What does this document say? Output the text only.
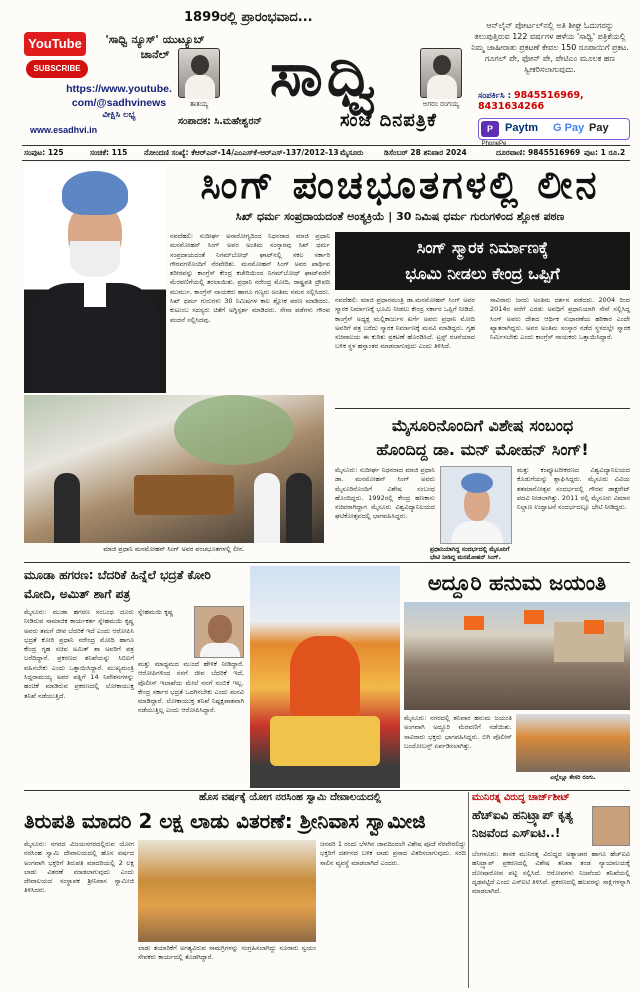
YouTube
SUBSCRIBE
'ಸಾಧ್ವಿ ನ್ಯೂಸ್' ಯುಟ್ಯೂಬ್ ಚಾನೆಲ್
https://www.youtube.
com/@sadhvinews
ವೀಕ್ಷಿಸಿ ಲಭ್ಯ
www.esadhvi.in
1899ರಲ್ಲಿ ಪ್ರಾರಂಭವಾದ...
ತಾತಯ್ಯ	ಸಾಧ್ವಿ	ಅಗರಂ ರಂಗಯ್ಯ
ಸಂಪಾದಕ: ಸಿ.ಮಹೇಶ್ವರನ್	ಸಂಜೆ ದಿನಪತ್ರಿಕೆ
ಆನ್‌ಲೈನ್ ಪೋರ್ಟಲ್‌ನಲ್ಲಿ ಅತಿ ಶೀಘ್ರ ಓದುಗರನ್ನು ತಲುಪುತ್ತಿರುವ 122 ವರ್ಷಗಳ ಹಳೆಯ 'ಸಾಧ್ವಿ' ಪತ್ರಿಕೆಯಲ್ಲಿ ನಿಮ್ಮ ಜಾಹೀರಾತು ಪ್ರಕಟಣೆ ಕೇವಲ 150 ರೂಪಾಯಿಗೆ ಪ್ರಕಟ. ಗೂಗಲ್ ಪೇ, ಫೋನ್ ಪೇ, ಪೇಟಿಎಂ ಮೂಲಕ ಹಣ ಸ್ವೀಕರಿಸಲಾಗುವುದು.
ಸಂಪರ್ಕಿಸಿ : 9845516969,
8431634266
P	Paytm G Pay Pay
PhonePe
ಸಂಪುಟ: 125	ಸಂಚಿಕೆ: 115 ನೋಂದಣಿ ಸಂಖ್ಯೆ: ಕೆಆರ್‌ಎನ್-14/ಎಂಎಸ್‌ಕೆ-ಆರ್‌ಎಸ್-137/2012-13 ಮೈಸೂರು	ಡಿಸೆಂಬರ್ 28 ಶನಿವಾರ 2024	ದೂರವಾಣಿ: 9845516969 ಪುಟ: 1 ರೂ.2
ಸಿಂಗ್ ಪಂಚಭೂತಗಳಲ್ಲಿ ಲೀನ
ಸಿಖ್ ಧರ್ಮ ಸಂಪ್ರದಾಯದಂತೆ ಅಂತ್ಯಕ್ರಿಯೆ | 30 ನಿಮಿಷ ಧರ್ಮ ಗುರುಗಳಿಂದ ಶ್ಲೋಕ ಪಠಣ
ನವದೆಹಲಿ: ಸುದೀರ್ಘ ಅನಾರೋಗ್ಯದಿಂದ ನಿಧನರಾದ ಮಾಜಿ ಪ್ರಧಾನಿ ಮನಮೋಹನ್ ಸಿಂಗ್ ಅವರ ಅಂತಿಮ ಸಂಸ್ಕಾರವು ಸಿಖ್ ಧರ್ಮ ಸಂಪ್ರದಾಯದಂತೆ ನಿಗಮ್‌ಬೋಧ್ ಘಾಟ್‌ನಲ್ಲಿ ಸಕಲ ಸರ್ಕಾರಿ ಗೌರವಗಳೊಂದಿಗೆ ನೆರವೇರಿತು. ಮನಮೋಹನ್ ಸಿಂಗ್ ಅವರ ಪಾರ್ಥಿವ ಶರೀರವನ್ನು ಕಾಂಗ್ರೆಸ್ ಕೇಂದ್ರ ಕಚೇರಿಯಿಂದ ನಿಗಮ್‌ಬೋಧ್ ಘಾಟ್‌ವರೆಗೆ ಮೆರವಣಿಗೆಯಲ್ಲಿ ತರಲಾಯಿತು. ಪ್ರಧಾನಿ ನರೇಂದ್ರ ಮೋದಿ, ರಾಷ್ಟ್ರಪತಿ ದ್ರೌಪದಿ ಮುರ್ಮು, ಕಾಂಗ್ರೆಸ್ ನಾಯಕರು ಹಾಗೂ ಗಣ್ಯರು ಅಂತಿಮ ನಮನ ಸಲ್ಲಿಸಿದರು. ಸಿಖ್ ಧರ್ಮ ಗುರುಗಳು 30 ನಿಮಿಷಗಳ ಕಾಲ ಶ್ಲೋಕ ಪಠಣ ಮಾಡಿದರು. ಕುಟುಂಬ ಸದಸ್ಯರು ಚಿತೆಗೆ ಅಗ್ನಿಸ್ಪರ್ಶ ಮಾಡಿದರು. ಸೇನಾ ಪಡೆಗಳು ಗೌರವ ವಂದನೆ ಸಲ್ಲಿಸಿದವು.
ಸಿಂಗ್ ಸ್ಮಾರಕ ನಿರ್ಮಾಣಕ್ಕೆ
ಭೂಮಿ ನೀಡಲು ಕೇಂದ್ರ ಒಪ್ಪಿಗೆ
ನವದೆಹಲಿ: ಮಾಜಿ ಪ್ರಧಾನಮಂತ್ರಿ ಡಾ.ಮನಮೋಹನ್ ಸಿಂಗ್ ಅವರ ಸ್ಮಾರಕ ನಿರ್ಮಾಣಕ್ಕೆ ಭೂಮಿ ನೀಡಲು ಕೇಂದ್ರ ಸರ್ಕಾರ ಒಪ್ಪಿಗೆ ನೀಡಿದೆ. ಕಾಂಗ್ರೆಸ್ ಅಧ್ಯಕ್ಷ ಮಲ್ಲಿಕಾರ್ಜುನ ಖರ್ಗೆ ಅವರು ಪ್ರಧಾನಿ ಮೋದಿ ಅವರಿಗೆ ಪತ್ರ ಬರೆದು ಸ್ಮಾರಕ ನಿರ್ಮಾಣಕ್ಕೆ ಮನವಿ ಮಾಡಿದ್ದರು. ಗೃಹ ಸಚಿವಾಲಯ ಈ ಕುರಿತು ಪ್ರಕಟಣೆ ಹೊರಡಿಸಿದೆ. ಟ್ರಸ್ಟ್ ರಚನೆಯಾದ ಬಳಿಕ ಸ್ಥಳ ಹಸ್ತಾಂತರ ಮಾಡಲಾಗುವುದು ಎಂದು ತಿಳಿಸಿದೆ.
ಸಾವಿರಾರು ಜನರು ಅಂತಿಮ ದರ್ಶನ ಪಡೆದರು. 2004 ರಿಂದ 2014ರ ವರೆಗೆ ಎರಡು ಅವಧಿಗೆ ಪ್ರಧಾನಿಯಾಗಿ ಸೇವೆ ಸಲ್ಲಿಸಿದ್ದ ಸಿಂಗ್ ಅವರು ದೇಶದ ಆರ್ಥಿಕ ಸುಧಾರಣೆಯ ಹರಿಕಾರ ಎಂದೇ ಖ್ಯಾತರಾಗಿದ್ದರು. ಅವರ ಅಂತಿಮ ಸಂಸ್ಕಾರ ನಡೆದ ಸ್ಥಳದಲ್ಲೇ ಸ್ಮಾರಕ ನಿರ್ಮಿಸಬೇಕು ಎಂದು ಕಾಂಗ್ರೆಸ್ ನಾಯಕರು ಒತ್ತಾಯಿಸಿದ್ದಾರೆ.
ಮಾಜಿ ಪ್ರಧಾನಿ ಮನಮೋಹನ್ ಸಿಂಗ್ ಅವರ ಪಂಚಭೂತಗಳಲ್ಲಿ ಲೀನ.
ಮೈಸೂರಿನೊಂದಿಗೆ ವಿಶೇಷ ಸಂಬಂಧ
ಹೊಂದಿದ್ದ ಡಾ. ಮನ್ ಮೋಹನ್ ಸಿಂಗ್!
ಮೈಸೂರು: ಸುದೀರ್ಘ ನಿಧನರಾದ ಮಾಜಿ ಪ್ರಧಾನಿ ಡಾ. ಮನಮೋಹನ್ ಸಿಂಗ್ ಅವರು ಮೈಸೂರಿನೊಂದಿಗೆ ವಿಶೇಷ ಸಂಬಂಧ ಹೊಂದಿದ್ದರು. 1992ರಲ್ಲಿ ಕೇಂದ್ರ ಹಣಕಾಸು ಸಚಿವರಾಗಿದ್ದಾಗ ಮೈಸೂರು ವಿಶ್ವವಿದ್ಯಾನಿಲಯದ ಘಟಿಕೋತ್ಸವದಲ್ಲಿ ಭಾಗವಹಿಸಿದ್ದರು.
ಪ್ರಧಾನಿಯಾಗಿದ್ದ ಸಂದರ್ಭದಲ್ಲಿ ಮೈಸೂರಿಗೆ ಭೇಟಿ ನೀಡಿದ್ದ ಮನಮೋಹನ್ ಸಿಂಗ್.
ಮತ್ತು ಕಂಪ್ಯೂಟರೀಕರಣದ ವಿಶ್ವವಿದ್ಯಾನಿಲಯದ ಕೊಡುಗೆಯನ್ನು ಶ್ಲಾಘಿಸಿದ್ದರು. ಮೈಸೂರು ವಿವಿಯ ಶತಮಾನೋತ್ಸವ ಸಂದರ್ಭದಲ್ಲಿ ಗೌರವ ಡಾಕ್ಟರೇಟ್ ಪದವಿ ನೀಡಲಾಗಿತ್ತು. 2011 ರಲ್ಲಿ ಮೈಸೂರು ವಿಮಾನ ನಿಲ್ದಾಣ ಉದ್ಘಾಟನೆ ಸಂದರ್ಭದಲ್ಲೂ ಭೇಟಿ ನೀಡಿದ್ದರು.
ಮೂಡಾ ಹಗರಣ: ಬೆದರಿಕೆ ಹಿನ್ನೆಲೆ ಭದ್ರತೆ ಕೋರಿ ಮೋದಿ, ಅಮಿತ್ ಶಾಗೆ ಪತ್ರ
ಮೈಸೂರು: ಮುಡಾ ಹಗರಣ ಸಂಬಂಧ ದೂರು ನೀಡಿರುವ ಸಾಮಾಜಿಕ ಕಾರ್ಯಕರ್ತ ಸ್ನೇಹಮಯಿ ಕೃಷ್ಣ ಅವರು ತಮಗೆ ಜೀವ ಬೆದರಿಕೆ ಇದೆ ಎಂದು ಆರೋಪಿಸಿ ಭದ್ರತೆ ಕೋರಿ ಪ್ರಧಾನಿ ನರೇಂದ್ರ ಮೋದಿ ಹಾಗೂ ಕೇಂದ್ರ ಗೃಹ ಸಚಿವ ಅಮಿತ್ ಶಾ ಅವರಿಗೆ ಪತ್ರ ಬರೆದಿದ್ದಾರೆ. ಪ್ರಕರಣದ ತನಿಖೆಯನ್ನು ಸಿಬಿಐಗೆ ವಹಿಸಬೇಕು ಎಂದು ಒತ್ತಾಯಿಸಿದ್ದಾರೆ. ಮುಖ್ಯಮಂತ್ರಿ ಸಿದ್ದರಾಮಯ್ಯ ಅವರ ಪತ್ನಿಗೆ 14 ನಿವೇಶನಗಳನ್ನು ಹಂಚಿಕೆ ಮಾಡಿರುವ ಪ್ರಕರಣದಲ್ಲಿ ಲೋಕಾಯುಕ್ತ ತನಿಖೆ ನಡೆಯುತ್ತಿದೆ.
ಸ್ನೇಹಮಯಿ ಕೃಷ್ಣ
ಮತ್ತು ಮಾಧ್ಯಮದ ಮುಂದೆ ಹೇಳಿಕೆ ನೀಡಿದ್ದಾರೆ. ಆರೋಪಿಗಳಿಂದ ನನಗೆ ಜೀವ ಬೆದರಿಕೆ ಇದೆ, ಪೊಲೀಸ್ ಇಲಾಖೆಯ ಮೇಲೆ ನನಗೆ ನಂಬಿಕೆ ಇಲ್ಲ. ಕೇಂದ್ರ ಸರ್ಕಾರ ಭದ್ರತೆ ಒದಗಿಸಬೇಕು ಎಂದು ಮನವಿ ಮಾಡಿದ್ದಾರೆ. ಲೋಕಾಯುಕ್ತ ತನಿಖೆ ನಿಷ್ಪಕ್ಷಪಾತವಾಗಿ ನಡೆಯುತ್ತಿಲ್ಲ ಎಂದು ಆರೋಪಿಸಿದ್ದಾರೆ.
ಅದ್ದೂರಿ ಹನುಮ ಜಯಂತಿ
ಮೈಸೂರು: ನಗರದಲ್ಲಿ ಶನಿವಾರ ಹನುಮ ಜಯಂತಿ ಅಂಗವಾಗಿ ಅದ್ದೂರಿ ಮೆರವಣಿಗೆ ನಡೆಯಿತು. ಸಾವಿರಾರು ಭಕ್ತರು ಭಾಗವಹಿಸಿದ್ದರು. ಬಿಗಿ ಪೊಲೀಸ್ ಬಂದೋಬಸ್ತ್ ಏರ್ಪಡಿಸಲಾಗಿತ್ತು.
ಎಲ್ಲೆಲ್ಲೂ ಕೇಸರಿ ರಂಗು.
ಹೊಸ ವರ್ಷಕ್ಕೆ ಯೋಗ ನರಸಿಂಹ ಸ್ವಾಮಿ ದೇವಾಲಯದಲ್ಲಿ
ತಿರುಪತಿ ಮಾದರಿ 2 ಲಕ್ಷ ಲಾಡು ವಿತರಣೆ: ಶ್ರೀನಿವಾಸ ಸ್ವಾಮೀಜಿ
ಮೈಸೂರು: ನಗರದ ವಿಜಯನಗರದಲ್ಲಿರುವ ಯೋಗ ನರಸಿಂಹ ಸ್ವಾಮಿ ದೇವಾಲಯದಲ್ಲಿ ಹೊಸ ವರ್ಷದ ಅಂಗವಾಗಿ ಭಕ್ತರಿಗೆ ತಿರುಪತಿ ಮಾದರಿಯಲ್ಲಿ 2 ಲಕ್ಷ ಲಾಡು ವಿತರಣೆ ಮಾಡಲಾಗುವುದು ಎಂದು ದೇವಾಲಯದ ಸಂಸ್ಥಾಪಕ ಶ್ರೀನಿವಾಸ ಸ್ವಾಮೀಜಿ ತಿಳಿಸಿದರು.
ಲಾಡು ತಯಾರಿಕೆಗೆ ಅಗತ್ಯವಿರುವ ಸಾಮಗ್ರಿಗಳನ್ನು ಸಂಗ್ರಹಿಸಲಾಗಿದ್ದು ನೂರಾರು ಸ್ವಯಂ ಸೇವಕರು ಕಾರ್ಯದಲ್ಲಿ ತೊಡಗಿದ್ದಾರೆ.
ಜನವರಿ 1 ರಂದು ಬೆಳಗಿನ ಜಾವದಿಂದಲೇ ವಿಶೇಷ ಪೂಜೆ ನೆರವೇರಲಿದ್ದು ಭಕ್ತರಿಗೆ ದರ್ಶನದ ಬಳಿಕ ಲಾಡು ಪ್ರಸಾದ ವಿತರಿಸಲಾಗುವುದು. ಸರದಿ ಸಾಲಿನ ವ್ಯವಸ್ಥೆ ಮಾಡಲಾಗಿದೆ ಎಂದರು.
ಮುನಿರತ್ನ ವಿರುದ್ಧ ಚಾರ್ಜ್‌ಶೀಟ್
ಹೆಚ್‌ಐವಿ ಹನಿಟ್ರ್ಯಾಪ್ ಕೃತ್ಯ ನಿಜವೆಂದ ಎಸ್‌ಐಟಿ..!
ಬೆಂಗಳೂರು: ಶಾಸಕ ಮುನಿರತ್ನ ವಿರುದ್ಧದ ಅತ್ಯಾಚಾರ ಹಾಗೂ ಹೆಚ್‌ಐವಿ ಹನಿಟ್ರ್ಯಾಪ್ ಪ್ರಕರಣದಲ್ಲಿ ವಿಶೇಷ ತನಿಖಾ ತಂಡ ನ್ಯಾಯಾಲಯಕ್ಕೆ ದೋಷಾರೋಪ ಪಟ್ಟಿ ಸಲ್ಲಿಸಿದೆ. ಆರೋಪಗಳು ನಿಜವೆಂದು ತನಿಖೆಯಲ್ಲಿ ದೃಢಪಟ್ಟಿದೆ ಎಂದು ಎಸ್‌ಐಟಿ ತಿಳಿಸಿದೆ. ಪ್ರಕರಣದಲ್ಲಿ ಹಲವರನ್ನು ಸಾಕ್ಷಿಗಳನ್ನಾಗಿ ಮಾಡಲಾಗಿದೆ.
